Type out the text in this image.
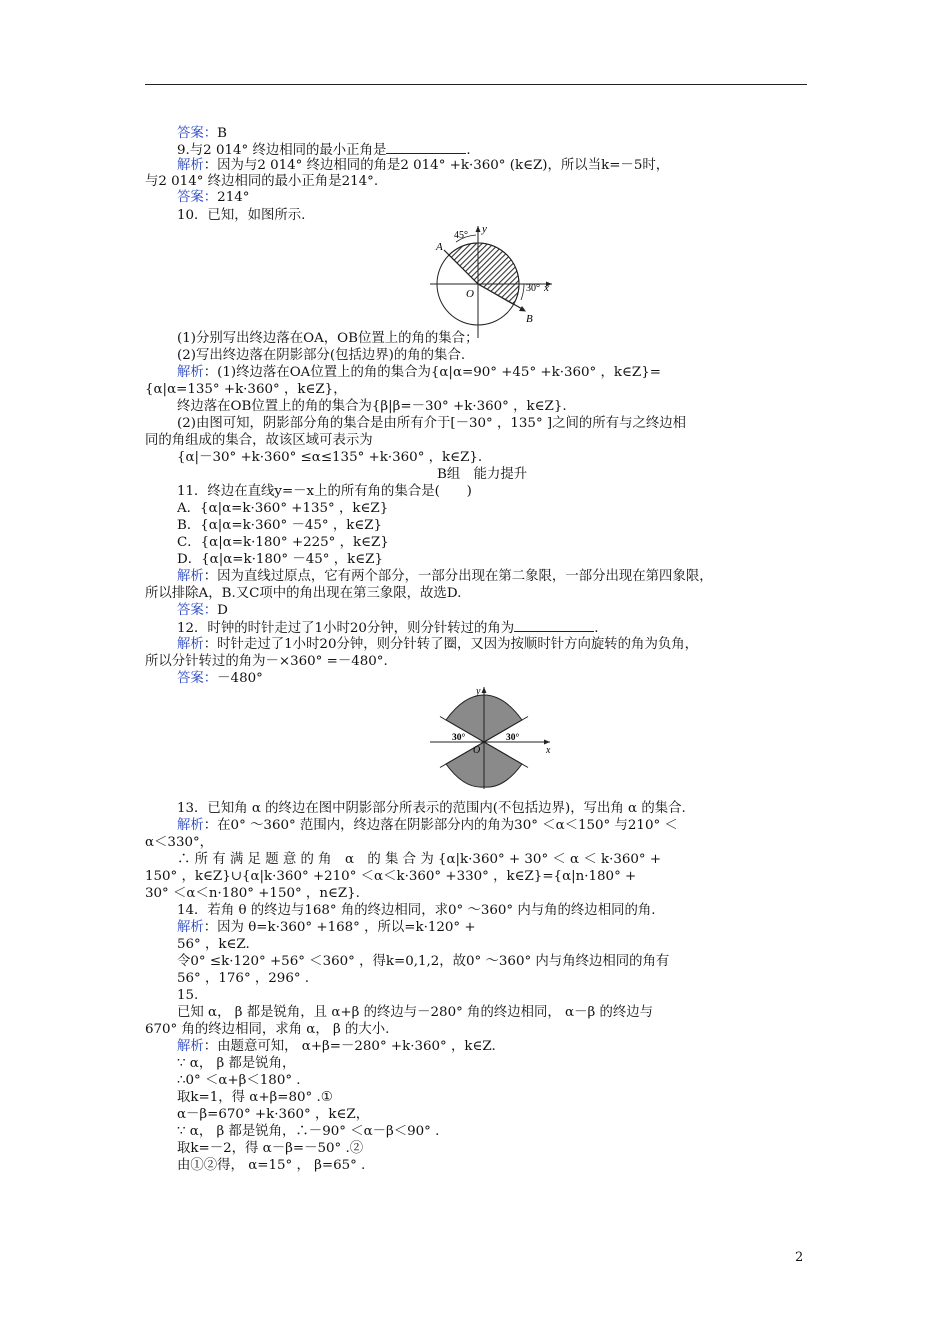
答案：B
9.与2 014° 终边相同的最小正角是	.
解析：因为与2 014° 终边相同的角是2 014° +k·360° (k∈Z)，所以当k=－5时，
与2 014° 终边相同的最小正角是214°.
答案：214°
10．已知，如图所示.
(1)分别写出终边落在OA，OB位置上的角的集合；
(2)写出终边落在阴影部分(包括边界)的角的集合.
解析：(1)终边落在OA位置上的角的集合为{α|α=90° +45° +k·360° ，k∈Z}=
{α|α=135° +k·360° ，k∈Z}，
终边落在OB位置上的角的集合为{β|β=－30° +k·360° ，k∈Z}.
(2)由图可知，阴影部分角的集合是由所有介于[－30° ，135° ]之间的所有与之终边相
同的角组成的集合，故该区域可表示为
{α|－30° +k·360° ≤α≤135° +k·360° ，k∈Z}.
B组　能力提升
11．终边在直线y=－x上的所有角的集合是(　　)
A．{α|α=k·360° +135° ，k∈Z}
B．{α|α=k·360° －45° ，k∈Z}
C．{α|α=k·180° +225° ，k∈Z}
D．{α|α=k·180° －45° ，k∈Z}
解析：因为直线过原点，它有两个部分，一部分出现在第二象限，一部分出现在第四象限，
所以排除A，B.又C项中的角出现在第三象限，故选D.
答案：D
12．时钟的时针走过了1小时20分钟，则分针转过的角为	.
解析：时针走过了1小时20分钟，则分针转了圈，又因为按顺时针方向旋转的角为负角，
所以分针转过的角为－×360° =－480°.
答案：－480°
13．已知角 α 的终边在图中阴影部分所表示的范围内(不包括边界)，写出角 α 的集合.
解析：在0° ～360° 范围内，终边落在阴影部分内的角为30° ＜α＜150° 与210° ＜
α＜330°，
∴ 所 有 满 足 题 意 的 角　α　的 集 合 为 {α|k·360° + 30° ＜ α ＜ k·360° +
150° ，k∈Z}∪{α|k·360° +210° ＜α＜k·360° +330° ，k∈Z}={α|n·180° +
30° ＜α＜n·180° +150° ，n∈Z}.
14．若角 θ 的终边与168° 角的终边相同，求0° ～360° 内与角的终边相同的角.
解析：因为 θ=k·360° +168° ，所以=k·120° +
56° ，k∈Z.
令0° ≤k·120° +56° ＜360° ，得k=0,1,2，故0° ～360° 内与角终边相同的角有
56° ，176° ，296° .
15.
已知 α， β 都是锐角，且 α+β 的终边与－280° 角的终边相同， α－β 的终边与
670° 角的终边相同，求角 α， β 的大小.
解析：由题意可知， α+β=－280° +k·360° ，k∈Z.
∵ α， β 都是锐角，
∴0° ＜α+β＜180° .
取k=1，得 α+β=80° .①
α－β=670° +k·360° ，k∈Z，
∵ α， β 都是锐角，∴－90° ＜α－β＜90° .
取k=－2，得 α－β=－50° .②
由①②得， α=15° ， β=65° .
45°
y
A
O	30° x
B
y
30°	30°
O	x
2
